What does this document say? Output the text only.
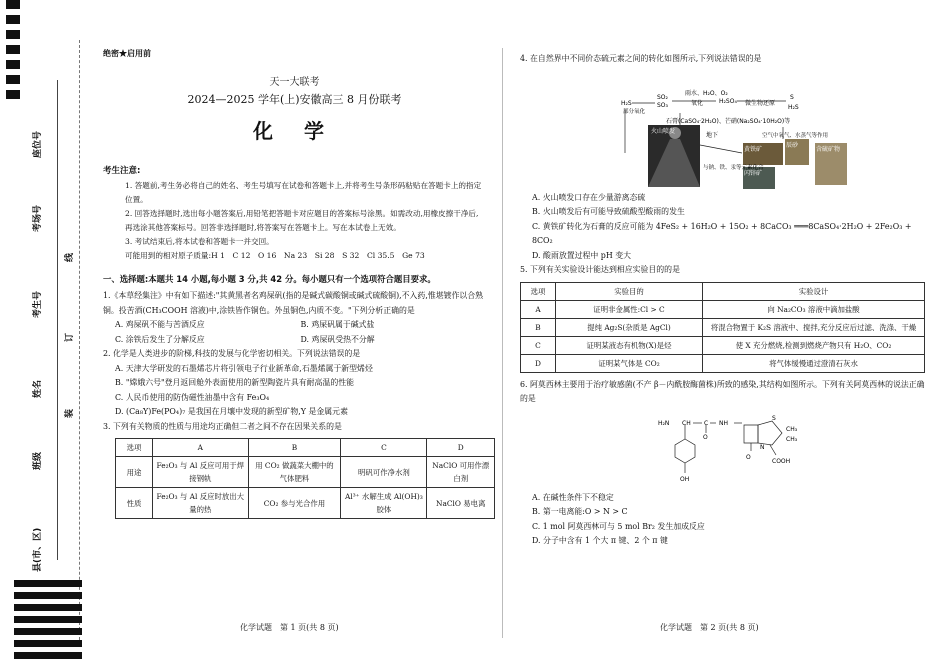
座位号
考场号
考生号
姓名
班级
县(市、区)
线
订
装
绝密★启用前
天一大联考
2024—2025 学年(上)安徽高三 8 月份联考
化 学
考生注意:

1. 答题前,考生务必将自己的姓名、考生号填写在试卷和答题卡上,并将考生号条形码粘贴在答题卡上的指定位置。

2. 回答选择题时,选出每小题答案后,用铅笔把答题卡对应题目的答案标号涂黑。如需改动,用橡皮擦干净后,再选涂其他答案标号。回答非选择题时,将答案写在答题卡上。写在本试卷上无效。

3. 考试结束后,将本试卷和答题卡一并交回。

可能用到的相对原子质量:H 1　C 12　O 16　Na 23　Si 28　S 32　Cl 35.5　Ge 73

一、选择题:本题共 14 小题,每小题 3 分,共 42 分。每小题只有一个选项符合题目要求。

1.《本草经集注》中有如下描述:"其黄黑者名鸡屎矾(指的是碱式碳酸铜或碱式硫酸铜),不入药,惟堪镀作以合熟铜。投苦酒(CH₃COOH 溶液)中,涂铁皆作铜色。外虽铜色,内质不变。"下列分析正确的是

A. 鸡屎矾不能与苦酒反应	B. 鸡屎矾属于碱式盐
C. 涂铁后发生了分解反应	D. 鸡屎矾受热不分解

2. 化学是人类进步的阶梯,科技的发展与化学密切相关。下列说法错误的是

A. 天津大学研发的石墨烯芯片将引领电子行业新革命,石墨烯属于新型烯烃
B. "嫦娥六号"登月返回舱外表面使用的新型陶瓷片具有耐高温的性能
C. 人民币使用的防伪磁性油墨中含有 Fe₃O₄
D. (Ca₈Y)Fe(PO₄)₇ 是我国在月壤中发现的新型矿物,Y 是金属元素

3. 下列有关物质的性质与用途均正确但二者之间不存在因果关系的是

选项	A	B	C	D
用途	Fe₂O₃ 与 Al 反应可用于焊接钢轨	用 CO₂ 做蔬菜大棚中的气体肥料	明矾可作净水剂	NaClO 可用作漂白剂
性质	Fe₂O₃ 与 Al 反应时放出大量的热	CO₂ 参与光合作用	Al³⁺ 水解生成 Al(OH)₃ 胶体	NaClO 易电离

4. 在自然界中不同价态硫元素之间的转化如图所示,下列说法错误的是

火山喷发
黄铁矿
辰砂
闪锌矿
含硫矿物
H₂S
SO₂
SO₃
雨水、H₂O、O₂
氧化	H₂SO₄ 微生物还原
S
H₂S
石膏(CaSO₄·2H₂O)、芒硝(Na₂SO₄·10H₂O)等
部分氧化
地下
与钠、铁、汞等元素化合
空气中氧气、水蒸气等作用
A. 火山喷发口存在少量游离态硫
B. 火山喷发后有可能导致硫酸型酸雨的发生
C. 黄铁矿转化为石膏的反应可能为 4FeS₂ + 16H₂O + 15O₂ + 8CaCO₃ ═══8CaSO₄·2H₂O + 2Fe₂O₃ + 8CO₂
D. 酸雨放置过程中 pH 变大

5. 下列有关实验设计能达到相应实验目的的是

选项	实验目的	实验设计
A	证明非金属性:Cl > C	向 Na₂CO₃ 溶液中滴加盐酸
B	提纯 Ag₂S(杂质是 AgCl)	将混合物置于 K₂S 溶液中、搅拌,充分反应后过滤、洗涤、干燥
C	证明某液态有机物(X)是烃	使 X 充分燃烧,检测到燃烧产物只有 H₂O、CO₂
D	证明某气体是 CO₂	将气体缓慢通过澄清石灰水

6. 阿莫西林主要用于治疗敏感菌(不产 β－内酰胺酶菌株)所致的感染,其结构如图所示。下列有关阿莫西林的说法正确的是

H₂N CH C NH
O
S
CH₃
CH₃
N
O
COOH
OH
A. 在碱性条件下不稳定
B. 第一电离能:O > N > C
C. 1 mol 阿莫西林可与 5 mol Br₂ 发生加成反应
D. 分子中含有 1 个大 π 键、2 个 π 键
化学试题　第 1 页(共 8 页)	化学试题　第 2 页(共 8 页)
